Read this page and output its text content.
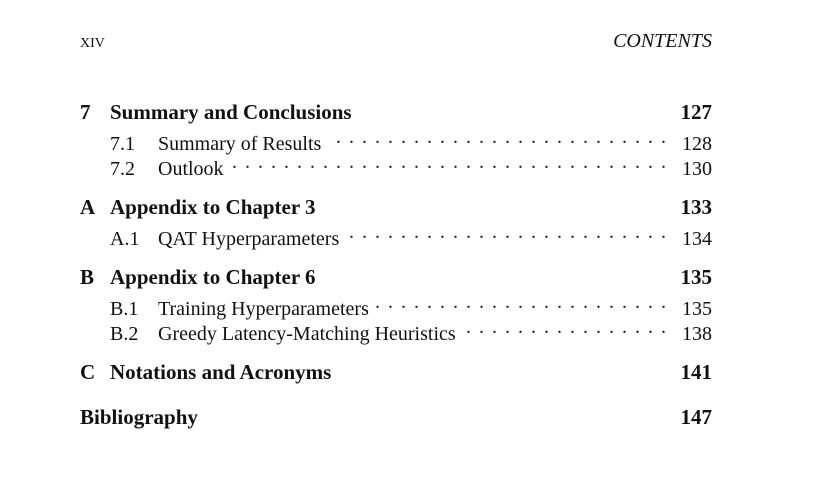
xiv	CONTENTS
7 Summary and Conclusions	127
7.1	Summary of Results . . .	128
7.2	Outlook . . .	130
A Appendix to Chapter 3	133
A.1 QAT Hyperparameters . . .	134
B Appendix to Chapter 6	135
B.1 Training Hyperparameters . . .	135
B.2 Greedy Latency-Matching Heuristics . . .	138
C Notations and Acronyms	141
Bibliography	147
